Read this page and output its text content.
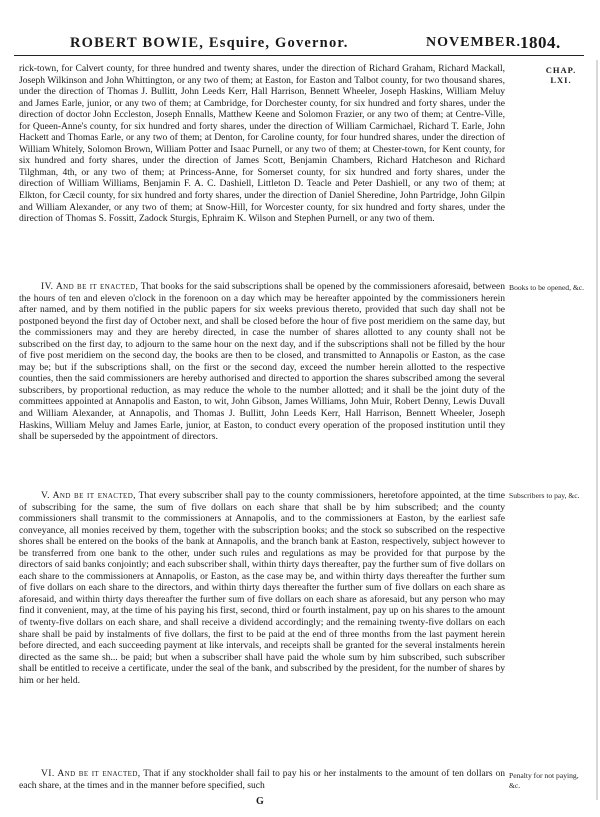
ROBERT BOWIE, Esquire, Governor.	NOVEMBER. 1804.
CHAP.
LXI.

rick-town, for Calvert county, for three hundred and twenty shares, under the direction of Richard Graham, Richard Mackall, Joseph Wilkinson and John Whittington, or any two of them; at Easton, for Easton and Talbot county, for two thousand shares, under the direction of Thomas J. Bullitt, John Leeds Kerr, Hall Harrison, Bennett Wheeler, Joseph Haskins, William Meluy and James Earle, junior, or any two of them; at Cambridge, for Dorchester county, for six hundred and forty shares, under the direction of doctor John Eccleston, Joseph Ennalls, Matthew Keene and Solomon Frazier, or any two of them; at Centre-Ville, for Queen-Anne's county, for six hundred and forty shares, under the direction of William Carmichael, Richard T. Earle, John Hackett and Thomas Earle, or any two of them; at Denton, for Caroline county, for four hundred shares, under the direction of William Whitely, Solomon Brown, William Potter and Isaac Purnell, or any two of them; at Chester-town, for Kent county, for six hundred and forty shares, under the direction of James Scott, Benjamin Chambers, Richard Hatcheson and Richard Tilghman, 4th, or any two of them; at Princess-Anne, for Somerset county, for six hundred and forty shares, under the direction of William Williams, Benjamin F. A. C. Dashiell, Littleton D. Teacle and Peter Dashiell, or any two of them; at Elkton, for Cæcil county, for six hundred and forty shares, under the direction of Daniel Sheredine, John Partridge, John Gilpin and William Alexander, or any two of them; at Snow-Hill, for Worcester county, for six hundred and forty shares, under the direction of Thomas S. Fossitt, Zadock Sturgis, Ephraim K. Wilson and Stephen Purnell, or any two of them.

IV. And be it enacted, That books for the said subscriptions shall be opened by the commissioners aforesaid, between the hours of ten and eleven o'clock in the forenoon on a day which may be hereafter appointed by the commissioners herein after named, and by them notified in the public papers for six weeks previous thereto, provided that such day shall not be postponed beyond the first day of October next, and shall be closed before the hour of five post meridiem on the same day, but the commissioners may and they are hereby directed, in case the number of shares allotted to any county shall not be subscribed on the first day, to adjourn to the same hour on the next day, and if the subscriptions shall not be filled by the hour of five post meridiem on the second day, the books are then to be closed, and transmitted to Annapolis or Easton, as the case may be; but if the subscriptions shall, on the first or the second day, exceed the number herein allotted to the respective counties, then the said commissioners are hereby authorised and directed to apportion the shares subscribed among the several subscribers, by proportional reduction, as may reduce the whole to the number allotted; and it shall be the joint duty of the committees appointed at Annapolis and Easton, to wit, John Gibson, James Williams, John Muir, Robert Denny, Lewis Duvall and William Alexander, at Annapolis, and Thomas J. Bullitt, John Leeds Kerr, Hall Harrison, Bennett Wheeler, Joseph Haskins, William Meluy and James Earle, junior, at Easton, to conduct every operation of the proposed institution until they shall be superseded by the appointment of directors.

V. And be it enacted, That every subscriber shall pay to the county commissioners, heretofore appointed, at the time of subscribing for the same, the sum of five dollars on each share that shall be by him subscribed; and the county commissioners shall transmit to the commissioners at Annapolis, and to the commissioners at Easton, by the earliest safe conveyance, all monies received by them, together with the subscription books; and the stock so subscribed on the respective shores shall be entered on the books of the bank at Annapolis, and the branch bank at Easton, respectively, subject however to be transferred from one bank to the other, under such rules and regulations as may be provided for that purpose by the directors of said banks conjointly; and each subscriber shall, within thirty days thereafter, pay the further sum of five dollars on each share to the commissioners at Annapolis, or Easton, as the case may be, and within thirty days thereafter the further sum of five dollars on each share to the directors, and within thirty days thereafter the further sum of five dollars on each share as aforesaid, and within thirty days thereafter the further sum of five dollars on each share as aforesaid, but any person who may find it convenient, may, at the time of his paying his first, second, third or fourth instalment, pay up on his shares to the amount of twenty-five dollars on each share, and shall receive a dividend accordingly; and the remaining twenty-five dollars on each share shall be paid by instalments of five dollars, the first to be paid at the end of three months from the last payment herein before directed, and each succeeding payment at like intervals, and receipts shall be granted for the several instalments herein directed as the same sh... be paid; but when a subscriber shall have paid the whole sum by him subscribed, such subscriber shall be entitled to receive a certificate, under the seal of the bank, and subscribed by the president, for the number of shares by him or her held.

VI. And be it enacted, That if any stockholder shall fail to pay his or her instalments to the amount of ten dollars on each share, at the times and in the manner before specified, such

Books to be opened, &c.
Subscribers to pay, &c.
Penalty for not paying, &c.
G
